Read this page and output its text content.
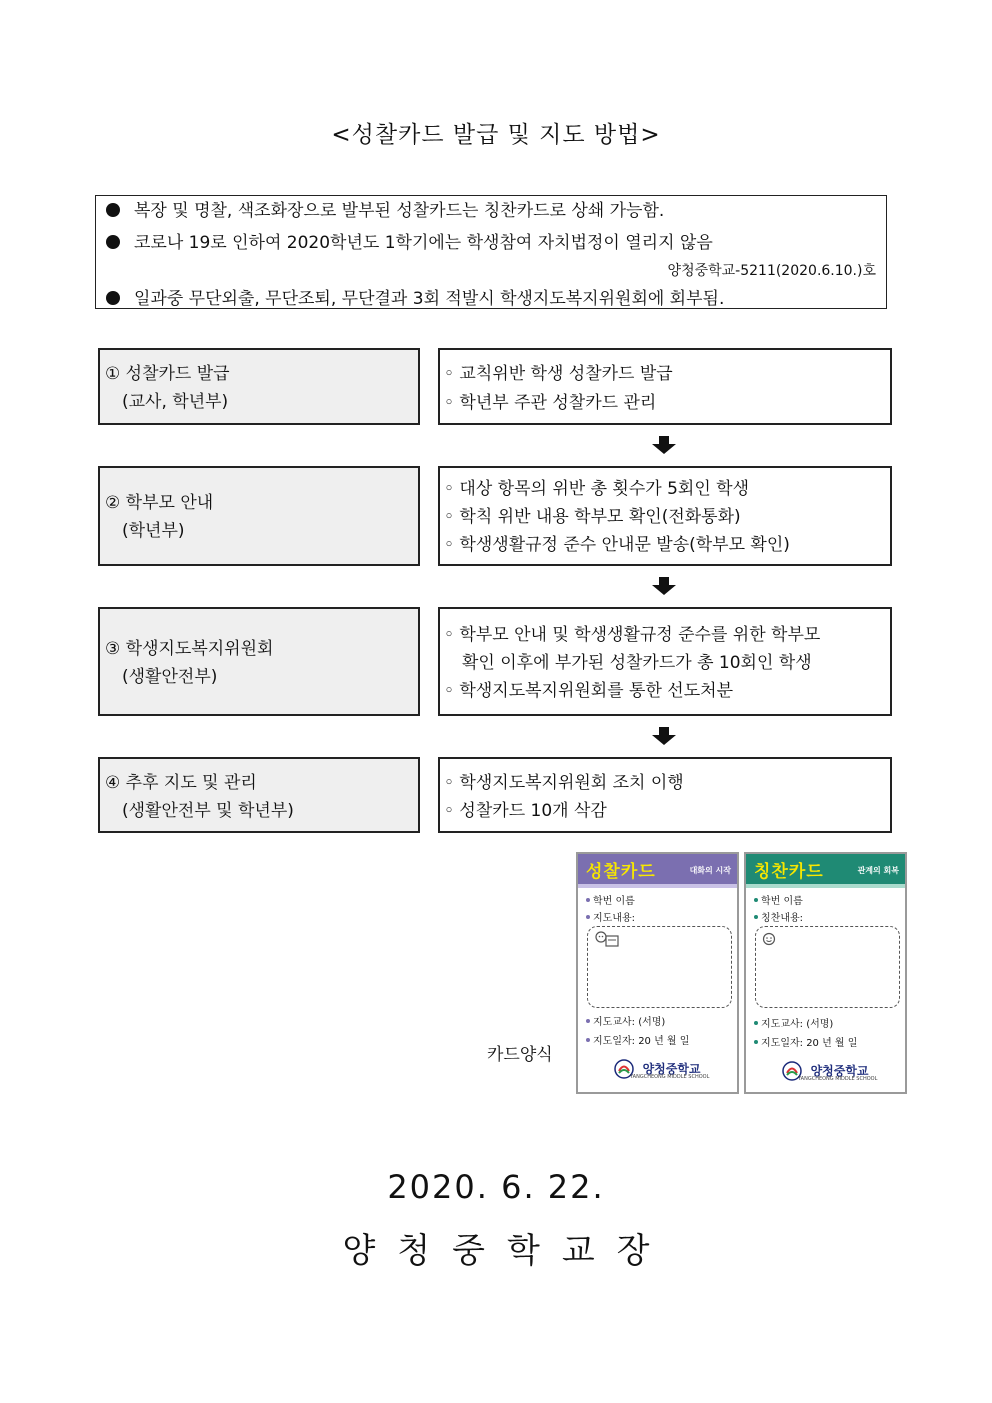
<성찰카드 발급 및 지도 방법>
복장 및 명찰, 색조화장으로 발부된 성찰카드는 칭찬카드로 상쇄 가능함.
코로나 19로 인하여 2020학년도 1학기에는 학생참여 자치법정이 열리지 않음
양청중학교-5211(2020.6.10.)호
일과중 무단외출, 무단조퇴, 무단결과 3회 적발시 학생지도복지위원회에 회부됨.
① 성찰카드 발급
(교사, 학년부)
◦ 교칙위반 학생 성찰카드 발급
◦ 학년부 주관 성찰카드 관리
② 학부모 안내
(학년부)
◦ 대상 항목의 위반 총 횟수가 5회인 학생
◦ 학칙 위반 내용 학부모 확인(전화통화)
◦ 학생생활규정 준수 안내문 발송(학부모 확인)
③ 학생지도복지위원회
(생활안전부)
◦ 학부모 안내 및 학생생활규정 준수를 위한 학부모
확인 이후에 부가된 성찰카드가 총 10회인 학생
◦ 학생지도복지위원회를 통한 선도처분
④ 추후 지도 및 관리
(생활안전부 및 학년부)
◦ 학생지도복지위원회 조치 이행
◦ 성찰카드 10개 삭감
카드양식
성찰카드	대화의 시작
학번 이름
지도내용:
지도교사: (서명)
지도일자: 20 년 월 일
양청중학교
YANGCHEONG MIDDLE SCHOOL
칭찬카드	관계의 회복
학번 이름
칭찬내용:
지도교사: (서명)
지도일자: 20 년 월 일
양청중학교
YANGCHEONG MIDDLE SCHOOL
2020. 6. 22.
양청중학교장
